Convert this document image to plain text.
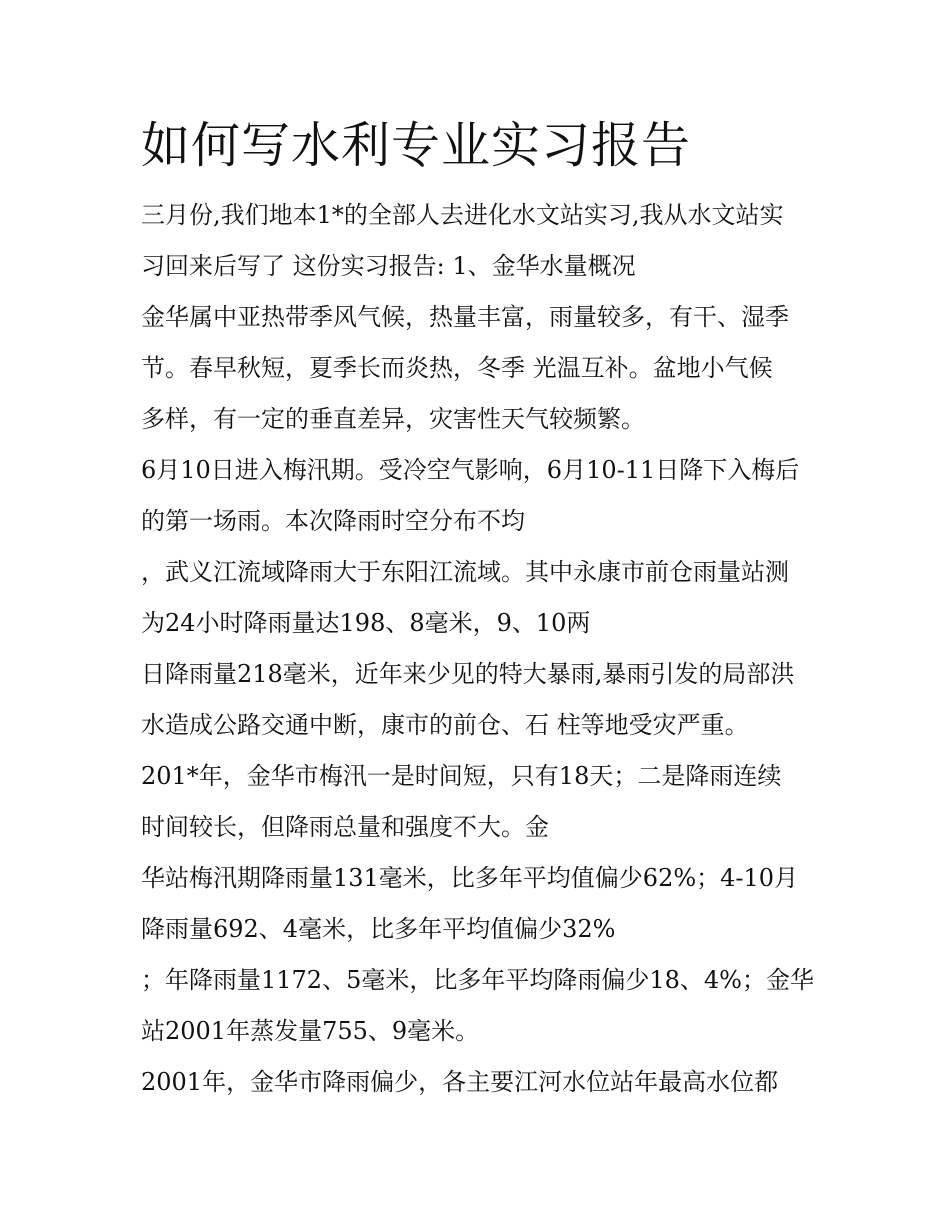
如何写水利专业实习报告
三月份,我们地本1*的全部人去进化水文站实习,我从水文站实
习回来后写了 这份实习报告: 1、金华水量概况
金华属中亚热带季风气候，热量丰富，雨量较多，有干、湿季
节。春早秋短，夏季长而炎热，冬季 光温互补。盆地小气候
多样，有一定的垂直差异，灾害性天气较频繁。
6月10日进入梅汛期。受冷空气影响，6月10-11日降下入梅后
的第一场雨。本次降雨时空分布不均
，武义江流域降雨大于东阳江流域。其中永康市前仓雨量站测
为24小时降雨量达198、8毫米，9、10两
日降雨量218毫米，近年来少见的特大暴雨,暴雨引发的局部洪
水造成公路交通中断，康市的前仓、石 柱等地受灾严重。
201*年，金华市梅汛一是时间短，只有18天；二是降雨连续
时间较长，但降雨总量和强度不大。金
华站梅汛期降雨量131毫米，比多年平均值偏少62%；4-10月
降雨量692、4毫米，比多年平均值偏少32%
；年降雨量1172、5毫米，比多年平均降雨偏少18、4%；金华
站2001年蒸发量755、9毫米。
2001年，金华市降雨偏少，各主要江河水位站年最高水位都
